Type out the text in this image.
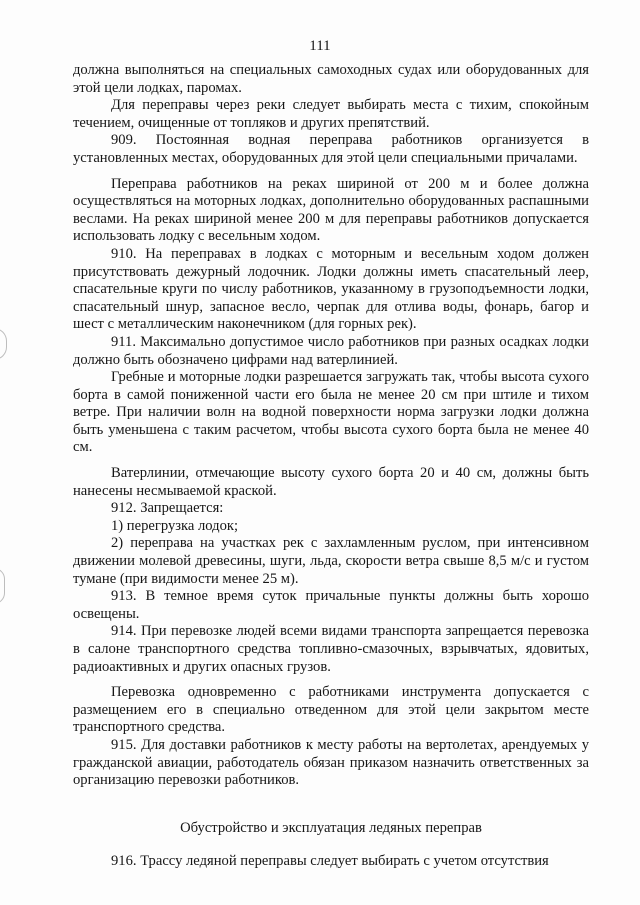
111

должна выполняться на специальных самоходных судах или оборудованных для этой цели лодках, паромах.

Для переправы через реки следует выбирать места с тихим, спокойным течением, очищенные от топляков и других препятствий.

909. Постоянная водная переправа работников организуется в установленных местах, оборудованных для этой цели специальными причалами.

Переправа работников на реках шириной от 200 м и более должна осуществляться на моторных лодках, дополнительно оборудованных распашными веслами. На реках шириной менее 200 м для переправы работников допускается использовать лодку с весельным ходом.

910. На переправах в лодках с моторным и весельным ходом должен присутствовать дежурный лодочник. Лодки должны иметь спасательный леер, спасательные круги по числу работников, указанному в грузоподъемности лодки, спасательный шнур, запасное весло, черпак для отлива воды, фонарь, багор и шест с металлическим наконечником (для горных рек).

911. Максимально допустимое число работников при разных осадках лодки должно быть обозначено цифрами над ватерлинией.

Гребные и моторные лодки разрешается загружать так, чтобы высота сухого борта в самой пониженной части его была не менее 20 см при штиле и тихом ветре. При наличии волн на водной поверхности норма загрузки лодки должна быть уменьшена с таким расчетом, чтобы высота сухого борта была не менее 40 см.

Ватерлинии, отмечающие высоту сухого борта 20 и 40 см, должны быть нанесены несмываемой краской.

912. Запрещается:

1) перегрузка лодок;

2) переправа на участках рек с захламленным руслом, при интенсивном движении молевой древесины, шуги, льда, скорости ветра свыше 8,5 м/с и густом тумане (при видимости менее 25 м).

913. В темное время суток причальные пункты должны быть хорошо освещены.

914. При перевозке людей всеми видами транспорта запрещается перевозка в салоне транспортного средства топливно-смазочных, взрывчатых, ядовитых, радиоактивных и других опасных грузов.

Перевозка одновременно с работниками инструмента допускается с размещением его в специально отведенном для этой цели закрытом месте транспортного средства.

915. Для доставки работников к месту работы на вертолетах, арендуемых у гражданской авиации, работодатель обязан приказом назначить ответственных за организацию перевозки работников.

Обустройство и эксплуатация ледяных переправ

916. Трассу ледяной переправы следует выбирать с учетом отсутствия
